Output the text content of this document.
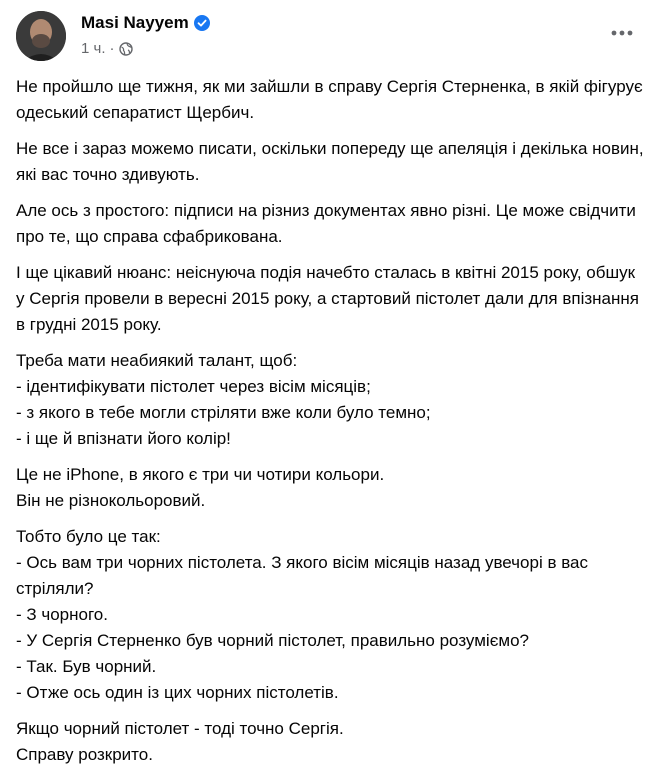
Masi Nayyem
1 ч. ·

Не пройшло ще тижня, як ми зайшли в справу Сергія Стерненка, в якій фігурує одеський сепаратист Щербич.

Не все і зараз можемо писати, оскільки попереду ще апеляція і декілька новин, які вас точно здивують.

Але ось з простого: підписи на різниз документах явно різні. Це може свідчити про те, що справа сфабрикована.

І ще цікавий нюанс: неіснуюча подія начебто сталась в квітні 2015 року, обшук у Сергія провели в вересні 2015 року, а стартовий пістолет дали для впізнання в грудні 2015 року.

Треба мати неабиякий талант, щоб:
- ідентифікувати пістолет через вісім місяців;
- з якого в тебе могли стріляти вже коли було темно;
- і ще й впізнати його колір!

Це не iPhone, в якого є три чи чотири кольори.
Він не різнокольоровий.

Тобто було це так:
- Ось вам три чорних пістолета. З якого вісім місяців назад увечорі в вас стріляли?
- З чорного.
- У Сергія Стерненко був чорний пістолет, правильно розуміємо?
- Так. Був чорний.
- Отже ось один із цих чорних пістолетів.

Якщо чорний пістолет - тоді точно Сергія.
Справу розкрито.
